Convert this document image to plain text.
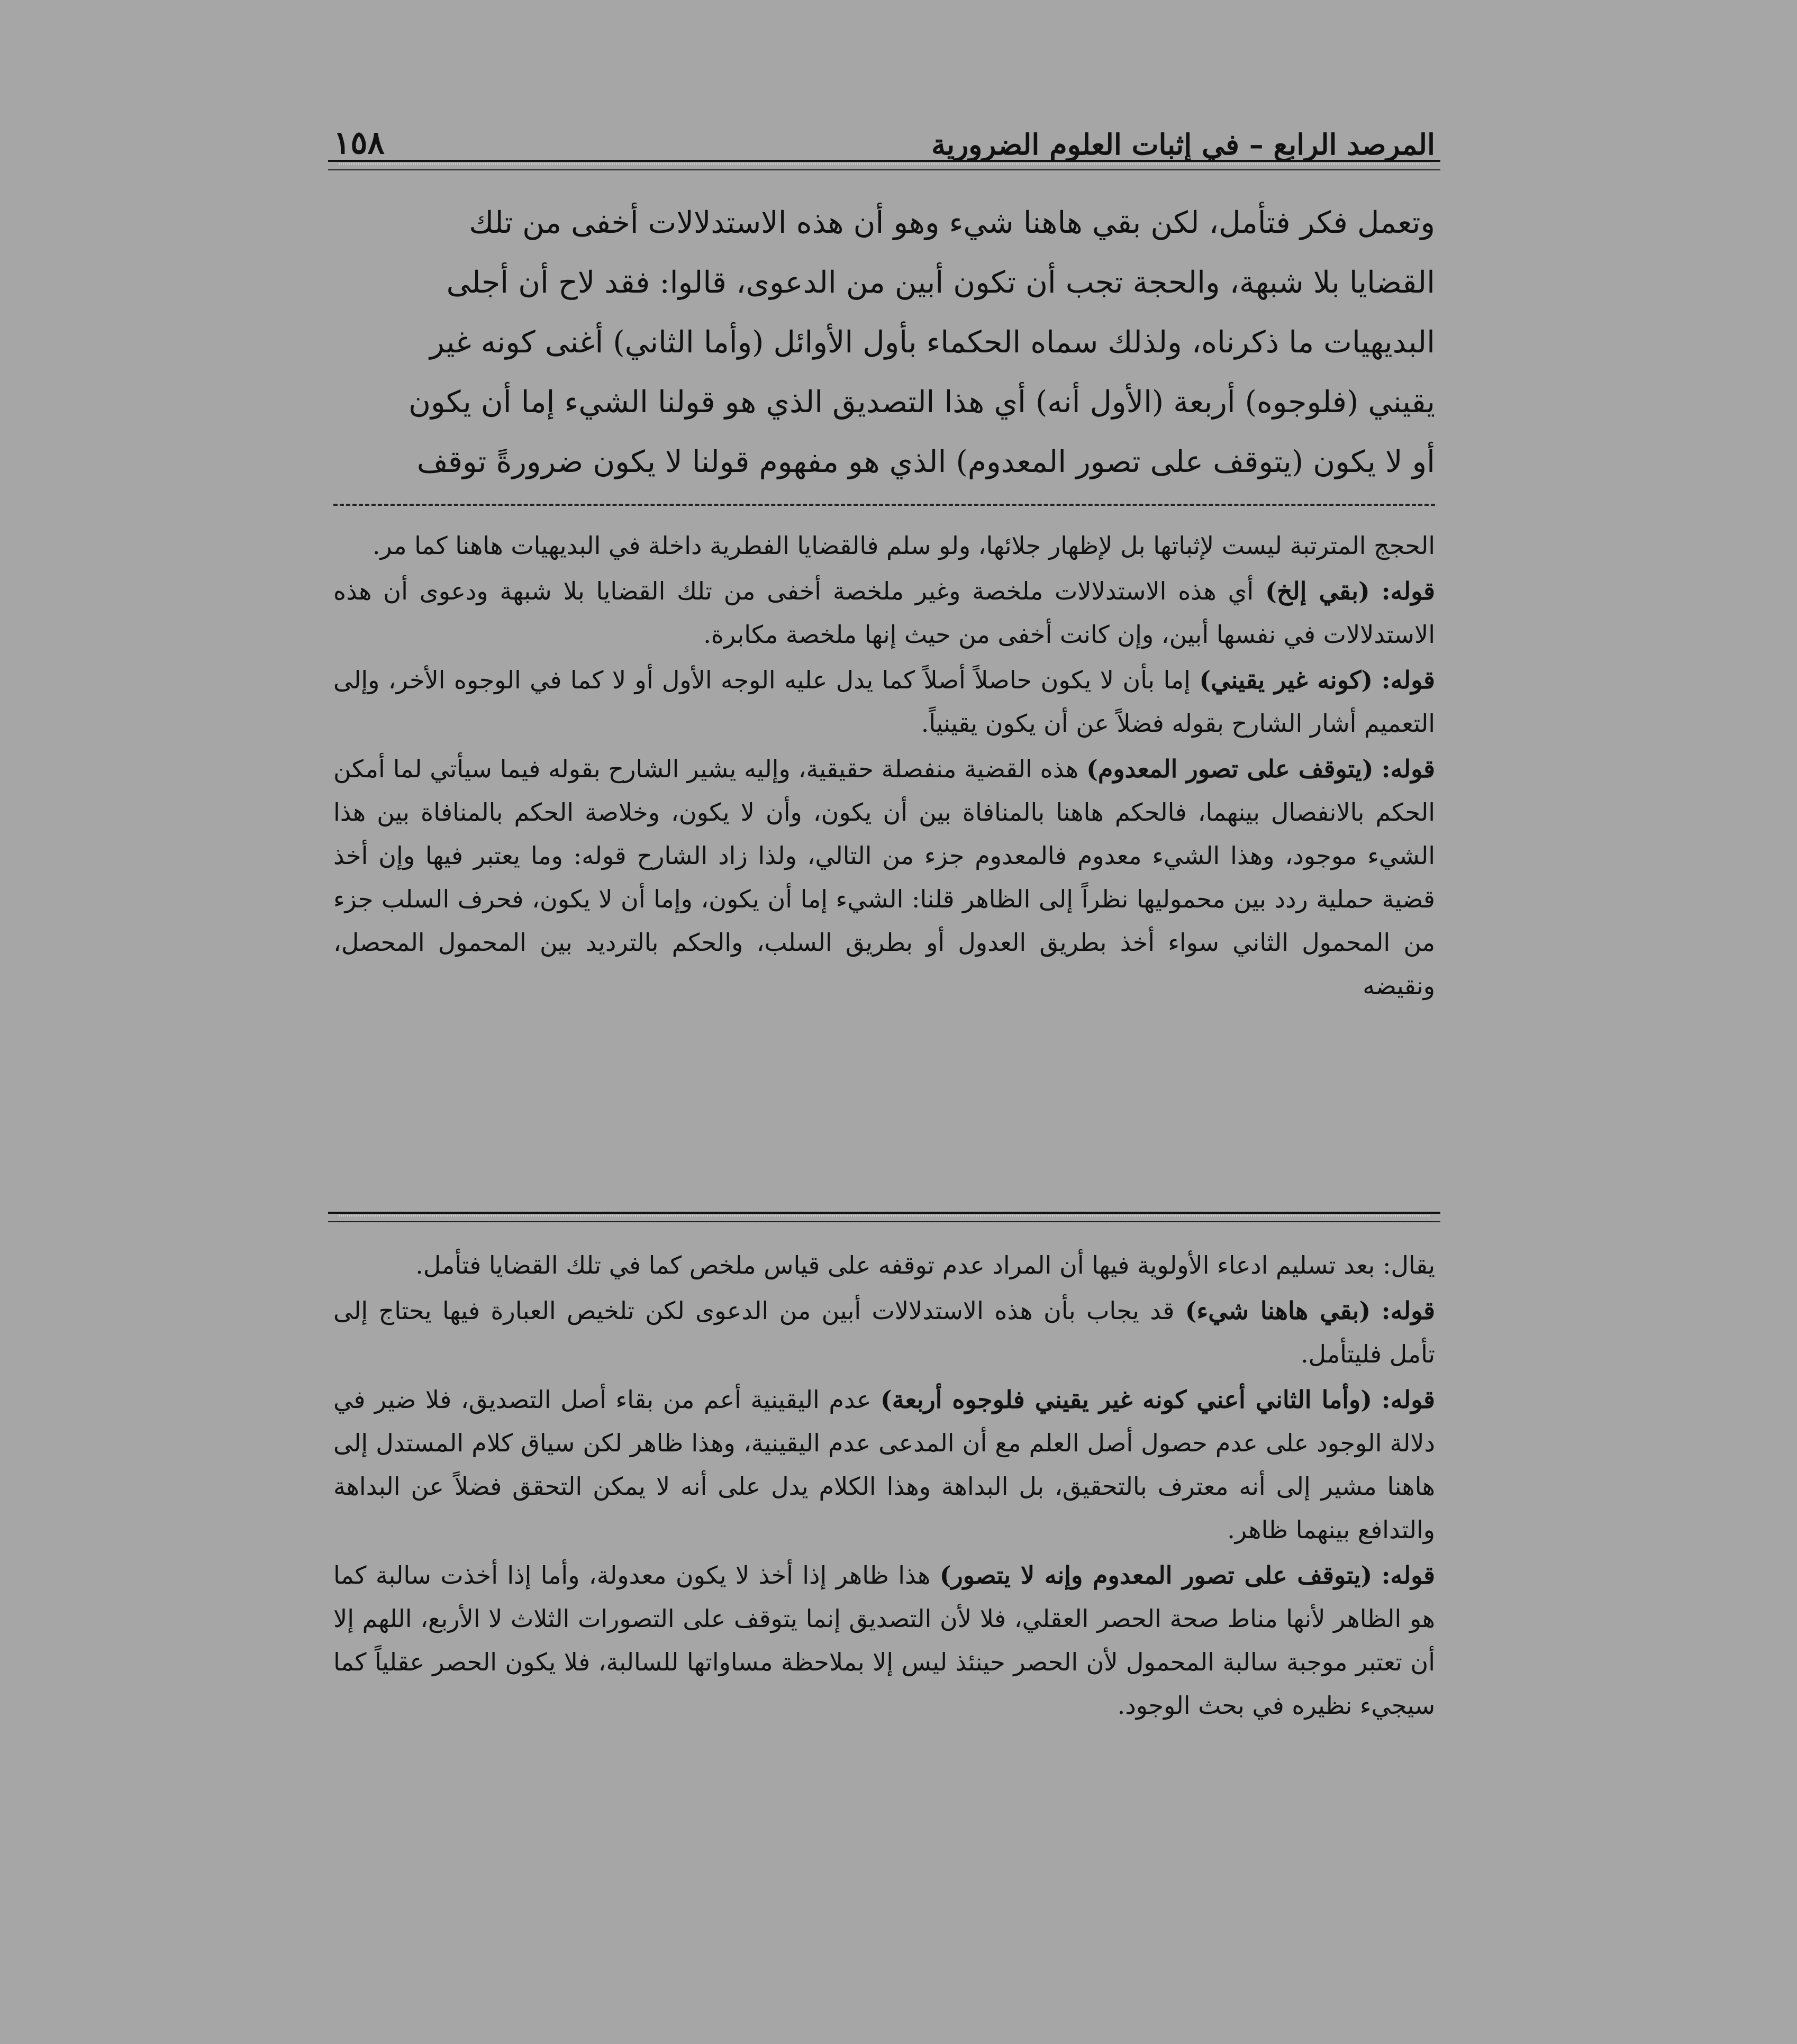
المرصد الرابع – في إثبات العلوم الضرورية
١٥٨
وتعمل فكر فتأمل، لكن بقي هاهنا شيء وهو أن هذه الاستدلالات أخفى من تلك
القضايا بلا شبهة، والحجة تجب أن تكون أبين من الدعوى، قالوا: فقد لاح أن أجلى
البديهيات ما ذكرناه، ولذلك سماه الحكماء بأول الأوائل (وأما الثاني) أغنى كونه غير
يقيني (فلوجوه) أربعة (الأول أنه) أي هذا التصديق الذي هو قولنا الشيء إما أن يكون
أو لا يكون (يتوقف على تصور المعدوم) الذي هو مفهوم قولنا لا يكون ضرورةً توقف

الحجج المترتبة ليست لإثباتها بل لإظهار جلائها، ولو سلم فالقضايا الفطرية داخلة في البديهيات هاهنا كما مر.

قوله: (بقي إلخ) أي هذه الاستدلالات ملخصة وغير ملخصة أخفى من تلك القضايا بلا شبهة ودعوى أن هذه الاستدلالات في نفسها أبين، وإن كانت أخفى من حيث إنها ملخصة مكابرة.

قوله: (كونه غير يقيني) إما بأن لا يكون حاصلاً أصلاً كما يدل عليه الوجه الأول أو لا كما في الوجوه الأخر، وإلى التعميم أشار الشارح بقوله فضلاً عن أن يكون يقينياً.

قوله: (يتوقف على تصور المعدوم) هذه القضية منفصلة حقيقية، وإليه يشير الشارح بقوله فيما سيأتي لما أمكن الحكم بالانفصال بينهما، فالحكم هاهنا بالمنافاة بين أن يكون، وأن لا يكون، وخلاصة الحكم بالمنافاة بين هذا الشيء موجود، وهذا الشيء معدوم فالمعدوم جزء من التالي، ولذا زاد الشارح قوله: وما يعتبر فيها وإن أخذ قضية حملية ردد بين محموليها نظراً إلى الظاهر قلنا: الشيء إما أن يكون، وإما أن لا يكون، فحرف السلب جزء من المحمول الثاني سواء أخذ بطريق العدول أو بطريق السلب، والحكم بالترديد بين المحمول المحصل، ونقيضه

يقال: بعد تسليم ادعاء الأولوية فيها أن المراد عدم توقفه على قياس ملخص كما في تلك القضايا فتأمل.

قوله: (بقي هاهنا شيء) قد يجاب بأن هذه الاستدلالات أبين من الدعوى لكن تلخيص العبارة فيها يحتاج إلى تأمل فليتأمل.

قوله: (وأما الثاني أعني كونه غير يقيني فلوجوه أربعة) عدم اليقينية أعم من بقاء أصل التصديق، فلا ضير في دلالة الوجود على عدم حصول أصل العلم مع أن المدعى عدم اليقينية، وهذا ظاهر لكن سياق كلام المستدل إلى هاهنا مشير إلى أنه معترف بالتحقيق، بل البداهة وهذا الكلام يدل على أنه لا يمكن التحقق فضلاً عن البداهة والتدافع بينهما ظاهر.

قوله: (يتوقف على تصور المعدوم وإنه لا يتصور) هذا ظاهر إذا أخذ لا يكون معدولة، وأما إذا أخذت سالبة كما هو الظاهر لأنها مناط صحة الحصر العقلي، فلا لأن التصديق إنما يتوقف على التصورات الثلاث لا الأربع، اللهم إلا أن تعتبر موجبة سالبة المحمول لأن الحصر حينئذ ليس إلا بملاحظة مساواتها للسالبة، فلا يكون الحصر عقلياً كما سيجيء نظيره في بحث الوجود.
